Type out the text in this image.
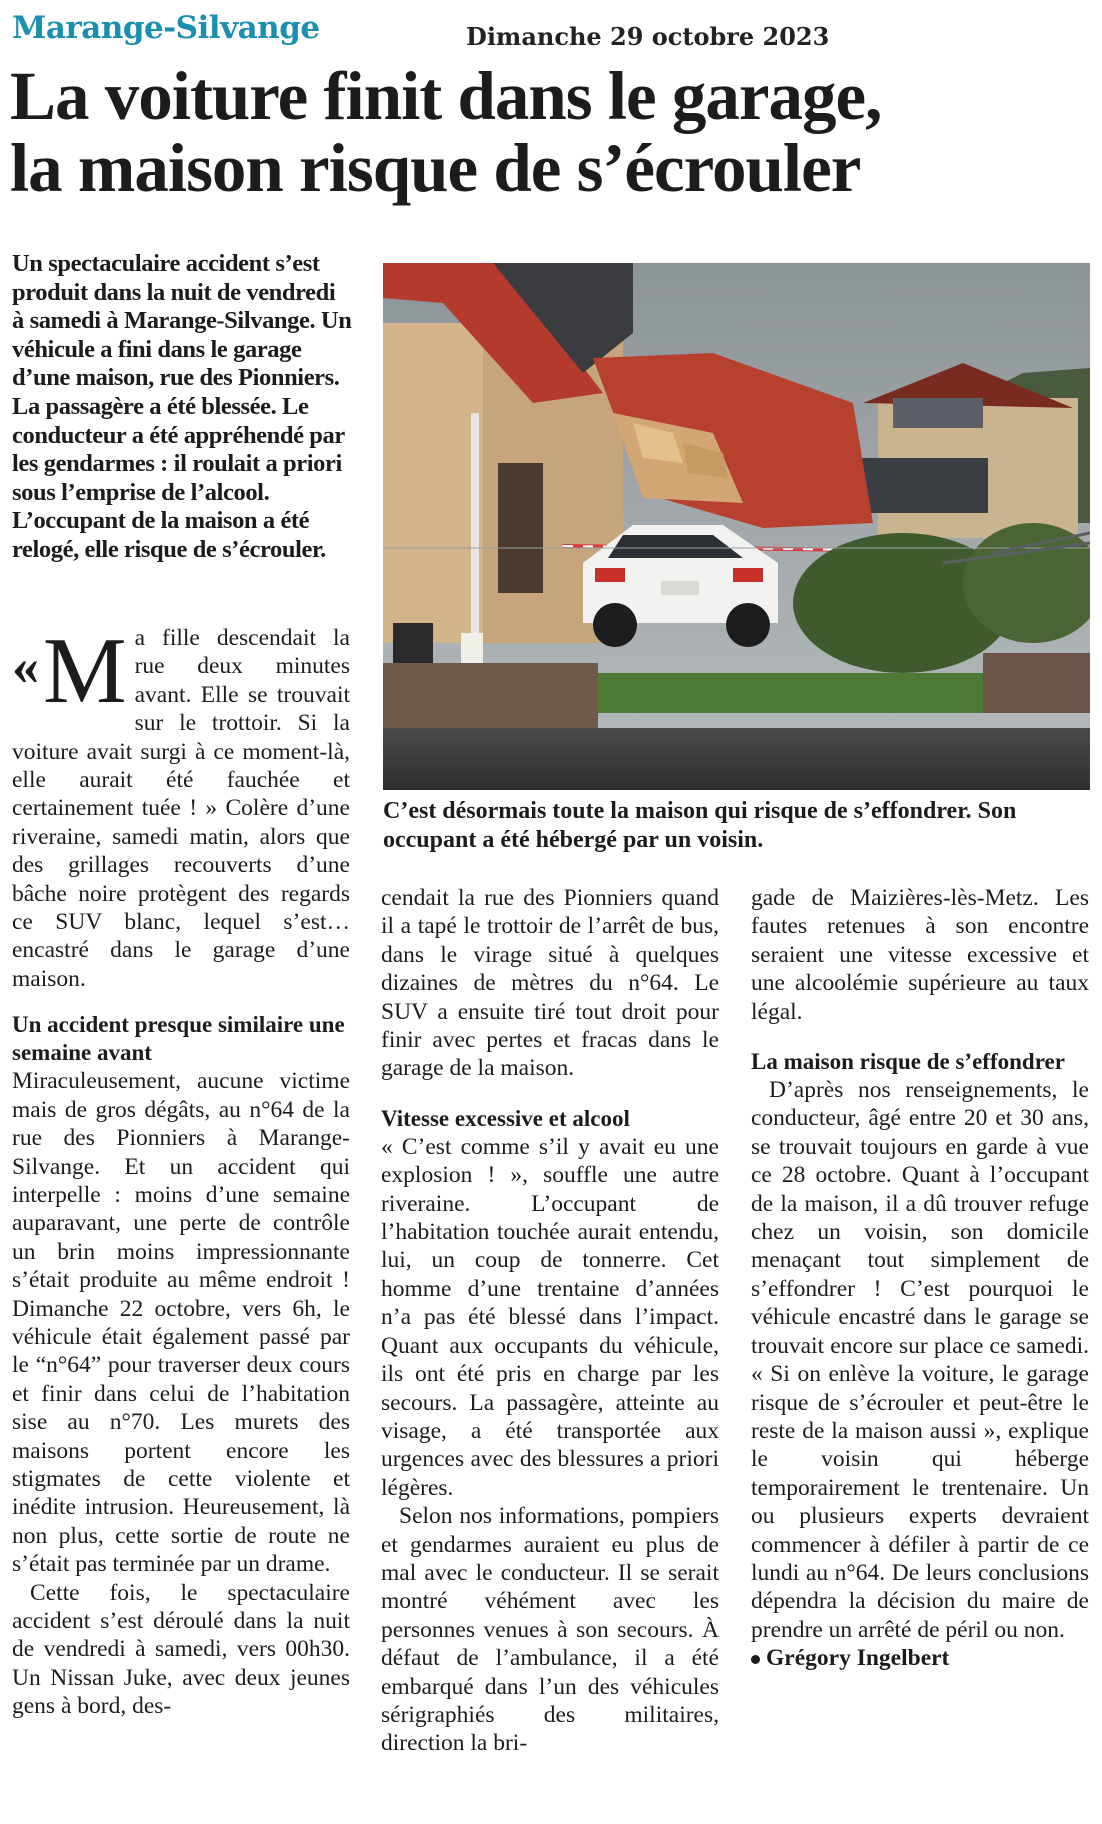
Marange-Silvange	Dimanche 29 octobre 2023
La voiture finit dans le garage,
la maison risque de s’écrouler
Un spectaculaire accident s’est produit dans la nuit de vendredi à samedi à Marange-Silvange. Un véhicule a fini dans le garage d’une maison, rue des Pionniers. La passagère a été blessée. Le conducteur a été appréhendé par les gendarmes : il roulait a priori sous l’emprise de l’alcool. L’occupant de la maison a été relogé, elle risque de s’écrouler.
C’est désormais toute la maison qui risque de s’effondrer. Son occupant a été hébergé par un voisin.

« M a fille descendait la rue deux minutes avant. Elle se trouvait sur le trottoir. Si la voiture avait surgi à ce moment-là, elle aurait été fauchée et certainement tuée ! » Colère d’une riveraine, samedi matin, alors que des grillages recouverts d’une bâche noire protègent des regards ce SUV blanc, lequel s’est… encastré dans le garage d’une maison.

Un accident presque similaire une semaine avant

Miraculeusement, aucune victime mais de gros dégâts, au n°64 de la rue des Pionniers à Marange-Silvange. Et un accident qui interpelle : moins d’une semaine auparavant, une perte de contrôle un brin moins impressionnante s’était produite au même endroit ! Dimanche 22 octobre, vers 6h, le véhicule était également passé par le “n°64” pour traverser deux cours et finir dans celui de l’habitation sise au n°70. Les murets des maisons portent encore les stigmates de cette violente et inédite intrusion. Heureusement, là non plus, cette sortie de route ne s’était pas terminée par un drame.

Cette fois, le spectaculaire accident s’est déroulé dans la nuit de vendredi à samedi, vers 00h30. Un Nissan Juke, avec deux jeunes gens à bord, des-

cendait la rue des Pionniers quand il a tapé le trottoir de l’arrêt de bus, dans le virage situé à quelques dizaines de mètres du n°64. Le SUV a ensuite tiré tout droit pour finir avec pertes et fracas dans le garage de la maison.

Vitesse excessive et alcool

« C’est comme s’il y avait eu une explosion ! », souffle une autre riveraine. L’occupant de l’habitation touchée aurait entendu, lui, un coup de tonnerre. Cet homme d’une trentaine d’années n’a pas été blessé dans l’impact. Quant aux occupants du véhicule, ils ont été pris en charge par les secours. La passagère, atteinte au visage, a été transportée aux urgences avec des blessures a priori légères.

Selon nos informations, pompiers et gendarmes auraient eu plus de mal avec le conducteur. Il se serait montré véhément avec les personnes venues à son secours. À défaut de l’ambulance, il a été embarqué dans l’un des véhicules sérigraphiés des militaires, direction la bri-

gade de Maizières-lès-Metz. Les fautes retenues à son encontre seraient une vitesse excessive et une alcoolémie supérieure au taux légal.

La maison risque de s’effondrer

D’après nos renseignements, le conducteur, âgé entre 20 et 30 ans, se trouvait toujours en garde à vue ce 28 octobre. Quant à l’occupant de la maison, il a dû trouver refuge chez un voisin, son domicile menaçant tout simplement de s’effondrer ! C’est pourquoi le véhicule encastré dans le garage se trouvait encore sur place ce samedi. « Si on enlève la voiture, le garage risque de s’écrouler et peut-être le reste de la maison aussi », explique le voisin qui héberge temporairement le trentenaire. Un ou plusieurs experts devraient commencer à défiler à partir de ce lundi au n°64. De leurs conclusions dépendra la décision du maire de prendre un arrêté de péril ou non.

Grégory Ingelbert
